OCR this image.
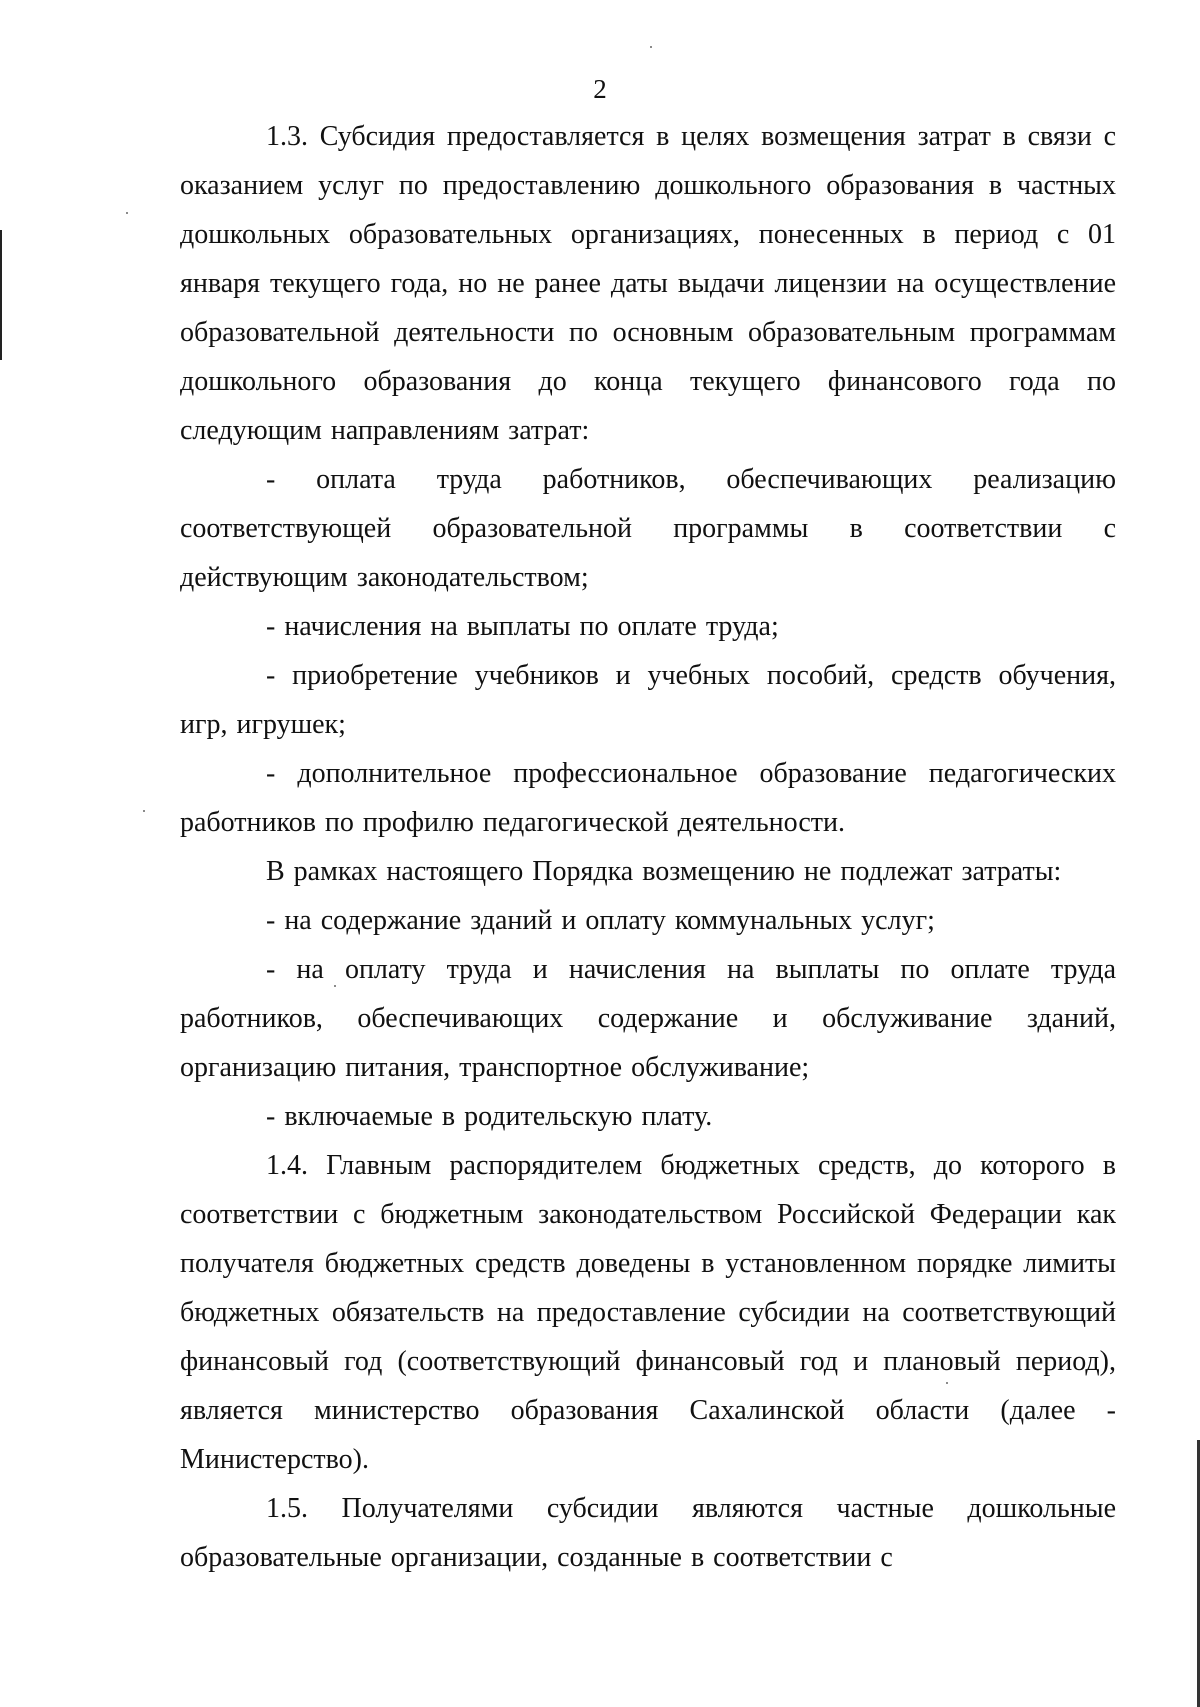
2

1.3. Субсидия предоставляется в целях возмещения затрат в связи с оказанием услуг по предоставлению дошкольного образования в частных дошкольных образовательных организациях, понесенных в период с 01 января текущего года, но не ранее даты выдачи лицензии на осуществление образовательной деятельности по основным образовательным программам дошкольного образования до конца текущего финансового года по следующим направлениям затрат:

- оплата труда работников, обеспечивающих реализацию соответствующей образовательной программы в соответствии с действующим законодательством;

- начисления на выплаты по оплате труда;

- приобретение учебников и учебных пособий, средств обучения, игр, игрушек;

- дополнительное профессиональное образование педагогических работников по профилю педагогической деятельности.

В рамках настоящего Порядка возмещению не подлежат затраты:

- на содержание зданий и оплату коммунальных услуг;

- на оплату труда и начисления на выплаты по оплате труда работников, обеспечивающих содержание и обслуживание зданий, организацию питания, транспортное обслуживание;

- включаемые в родительскую плату.

1.4. Главным распорядителем бюджетных средств, до которого в соответствии с бюджетным законодательством Российской Федерации как получателя бюджетных средств доведены в установленном порядке лимиты бюджетных обязательств на предоставление субсидии на соответствующий финансовый год (соответствующий финансовый год и плановый период), является министерство образования Сахалинской области (далее - Министерство).

1.5. Получателями субсидии являются частные дошкольные образовательные организации, созданные в соответствии с
